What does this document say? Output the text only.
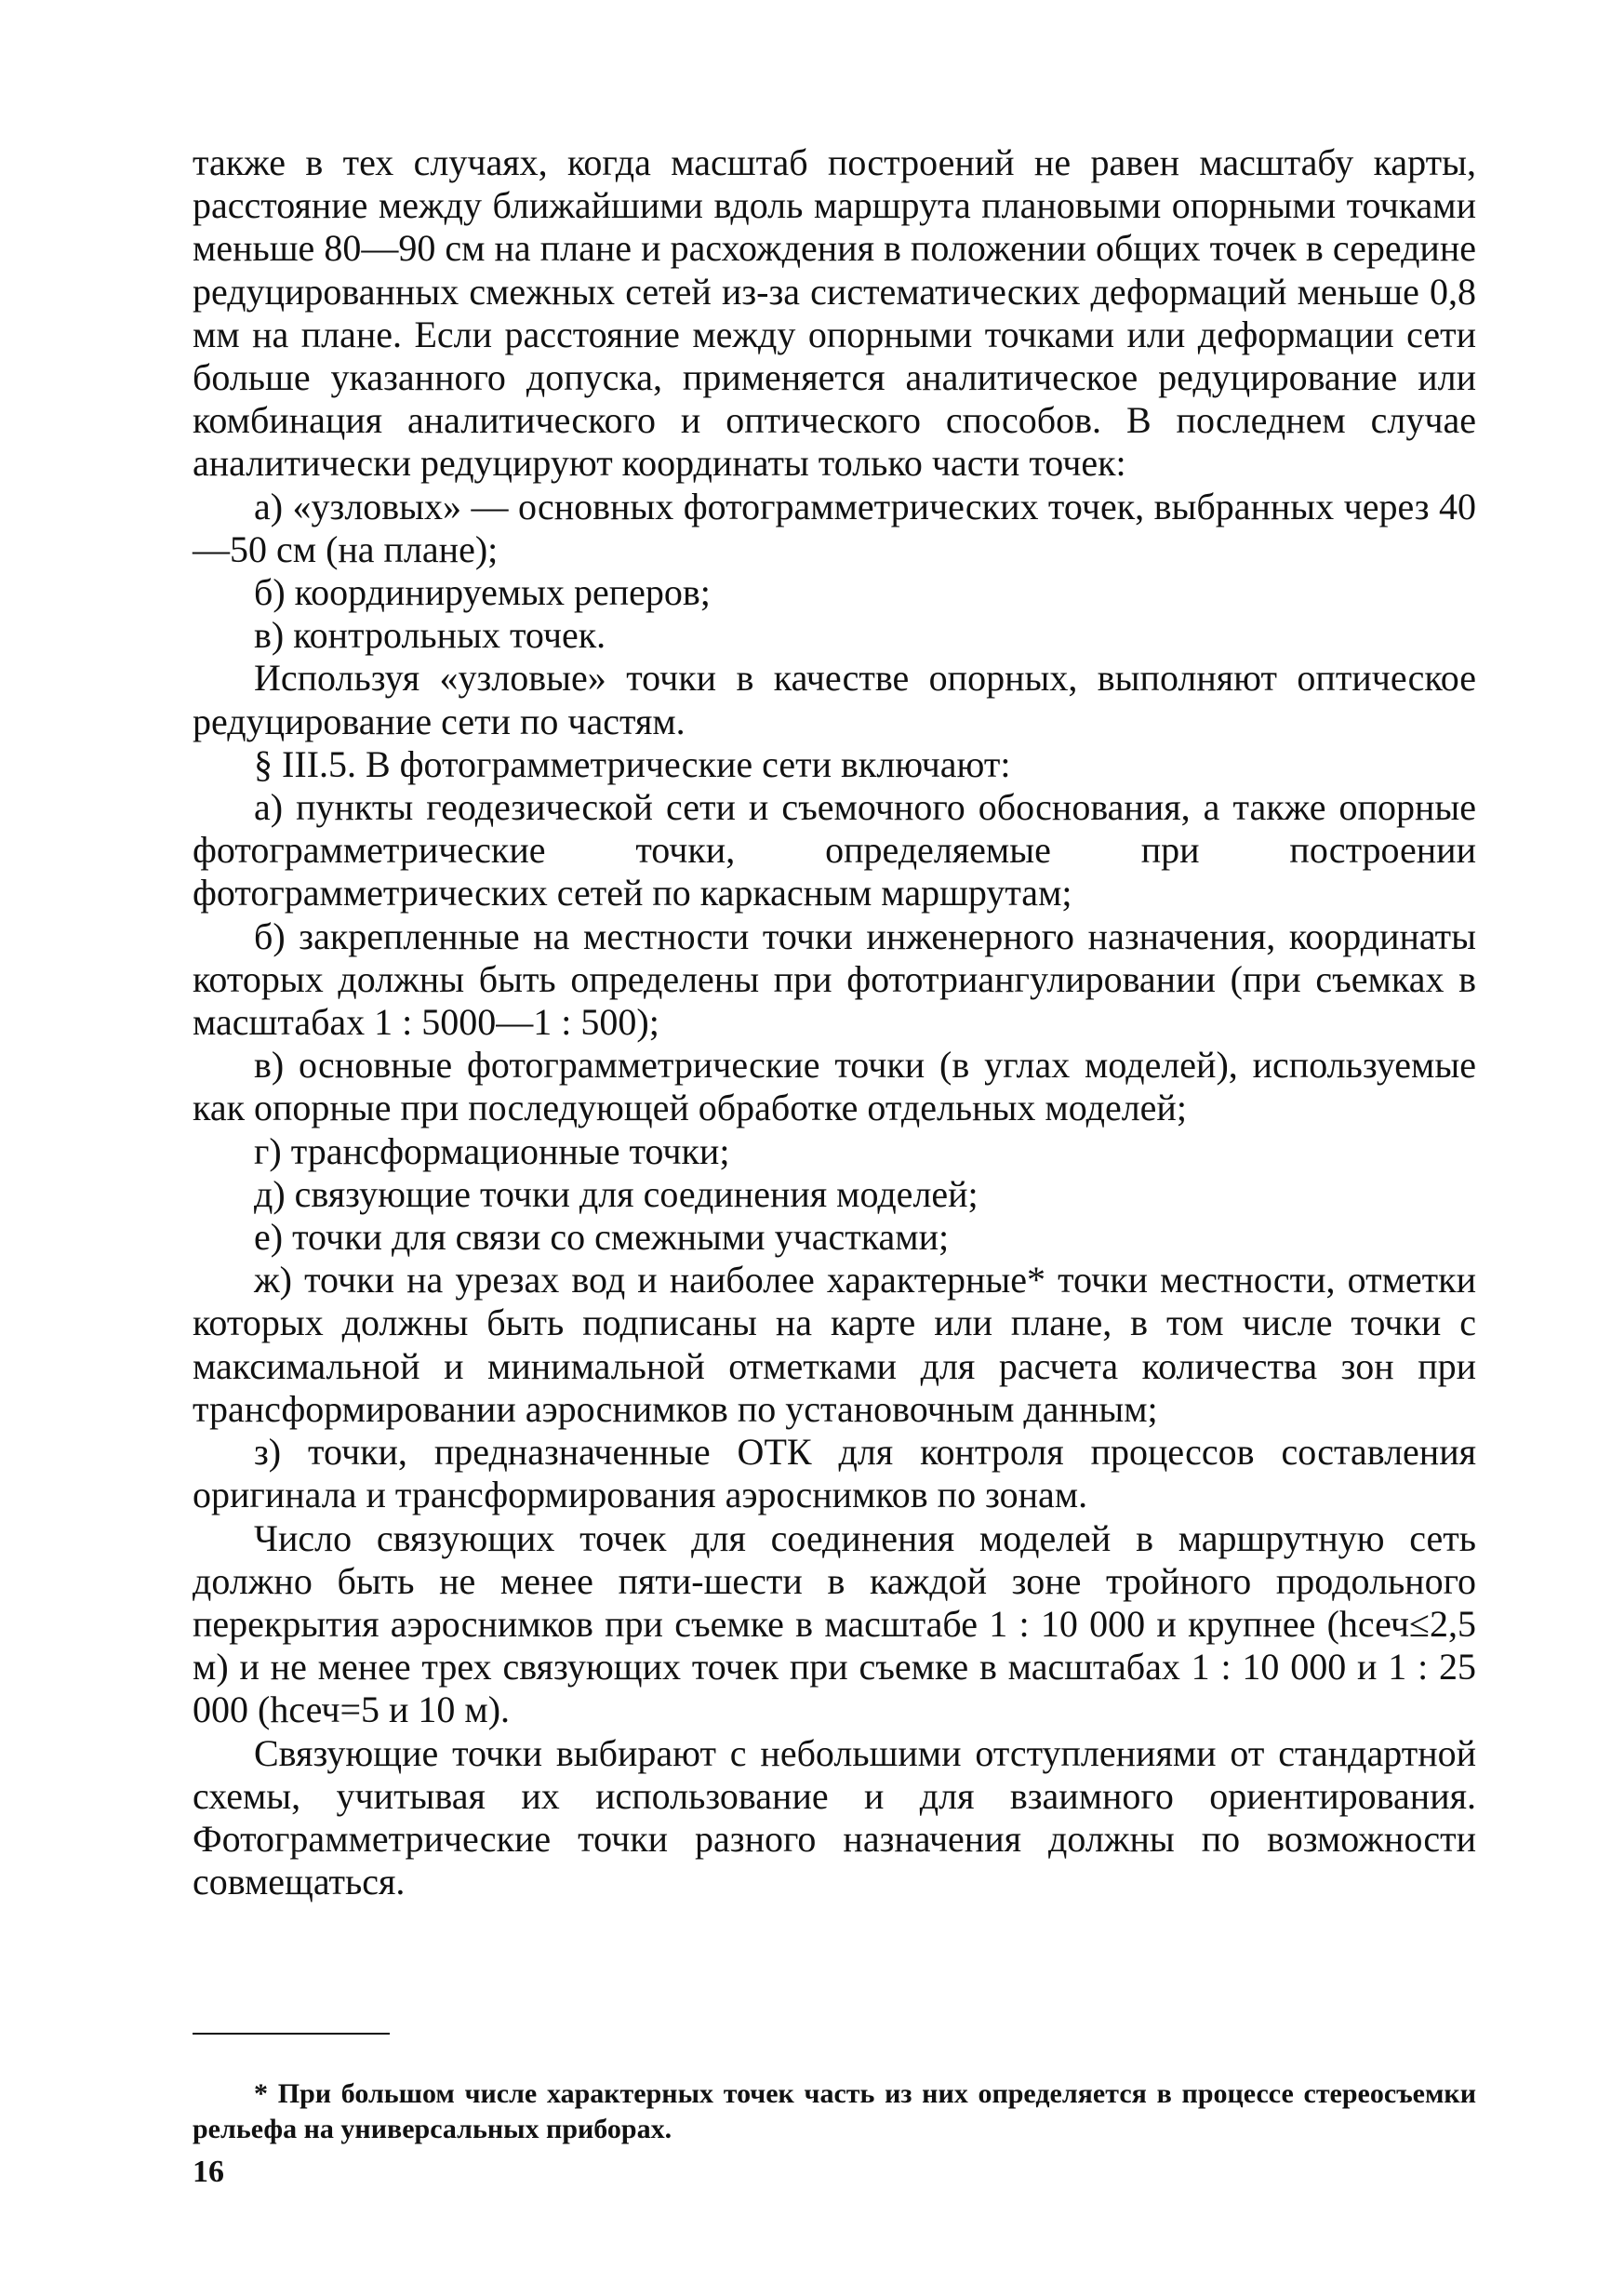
также в тех случаях, когда масштаб построений не равен масштабу карты, расстояние между ближайшими вдоль маршрута плановыми опорными точками меньше 80—90 см на плане и расхождения в положении общих точек в середине редуцированных смежных сетей из-за систематических деформаций меньше 0,8 мм на плане. Если расстояние между опорными точками или деформации сети больше указанного допуска, применяется аналитическое редуцирование или комбинация аналитического и оптического способов. В последнем случае аналитически редуцируют координаты только части точек:

а) «узловых» — основных фотограмметрических точек, выбранных через 40—50 см (на плане);

б) координируемых реперов;

в) контрольных точек.

Используя «узловые» точки в качестве опорных, выполняют оптическое редуцирование сети по частям.

§ III.5. В фотограмметрические сети включают:

а) пункты геодезической сети и съемочного обоснования, а также опорные фотограмметрические точки, определяемые при построении фотограмметрических сетей по каркасным маршрутам;

б) закрепленные на местности точки инженерного назначения, координаты которых должны быть определены при фототриангулировании (при съемках в масштабах 1 : 5000—1 : 500);

в) основные фотограмметрические точки (в углах моделей), используемые как опорные при последующей обработке отдельных моделей;

г) трансформационные точки;

д) связующие точки для соединения моделей;

е) точки для связи со смежными участками;

ж) точки на урезах вод и наиболее характерные* точки местности, отметки которых должны быть подписаны на карте или плане, в том числе точки с максимальной и минимальной отметками для расчета количества зон при трансформировании аэроснимков по установочным данным;

з) точки, предназначенные ОТК для контроля процессов составления оригинала и трансформирования аэроснимков по зонам.

Число связующих точек для соединения моделей в маршрутную сеть должно быть не менее пяти-шести в каждой зоне тройного продольного перекрытия аэроснимков при съемке в масштабе 1 : 10 000 и крупнее (hсеч≤2,5 м) и не менее трех связующих точек при съемке в масштабах 1 : 10 000 и 1 : 25 000 (hсеч=5 и 10 м).

Связующие точки выбирают с небольшими отступлениями от стандартной схемы, учитывая их использование и для взаимного ориентирования. Фотограмметрические точки разного назначения должны по возможности совмещаться.

* При большом числе характерных точек часть из них определяется в процессе стереосъемки рельефа на универсальных приборах.

16
